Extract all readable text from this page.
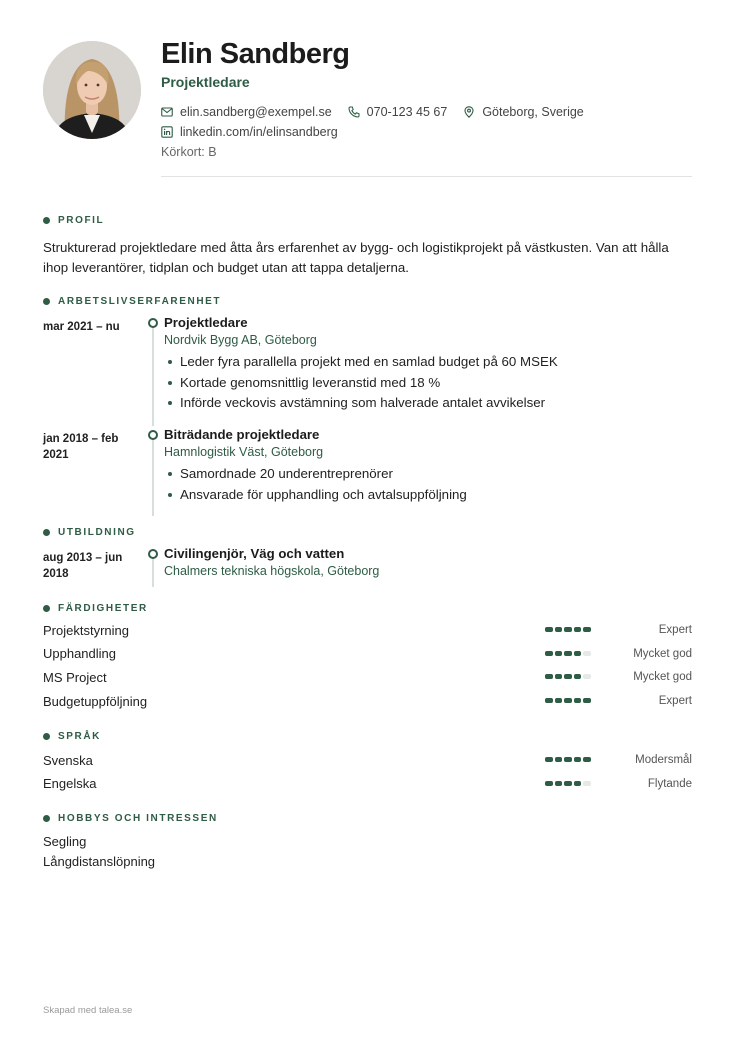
Elin Sandberg
Projektledare
elin.sandberg@exempel.se	070-123 45 67	Göteborg, Sverige
linkedin.com/in/elinsandberg
Körkort: B
PROFIL
Strukturerad projektledare med åtta års erfarenhet av bygg- och logistikprojekt på västkusten. Van att hålla ihop leverantörer, tidplan och budget utan att tappa detaljerna.
ARBETSLIVSERFARENHET
mar 2021 – nu	Projektledare
Nordvik Bygg AB, Göteborg
Leder fyra parallella projekt med en samlad budget på 60 MSEK
Kortade genomsnittlig leveranstid med 18 %
Införde veckovis avstämning som halverade antalet avvikelser
jan 2018 – feb 2021
Biträdande projektledare
Hamnlogistik Väst, Göteborg
Samordnade 20 underentreprenörer
Ansvarade för upphandling och avtalsuppföljning
UTBILDNING
aug 2013 – jun 2018
Civilingenjör, Väg och vatten
Chalmers tekniska högskola, Göteborg
FÄRDIGHETER
Projektstyrning	Expert
Upphandling	Mycket god
MS Project	Mycket god
Budgetuppföljning	Expert
SPRÅK
Svenska	Modersmål
Engelska	Flytande
HOBBYS OCH INTRESSEN
Segling
Långdistanslöpning
Skapad med talea.se
